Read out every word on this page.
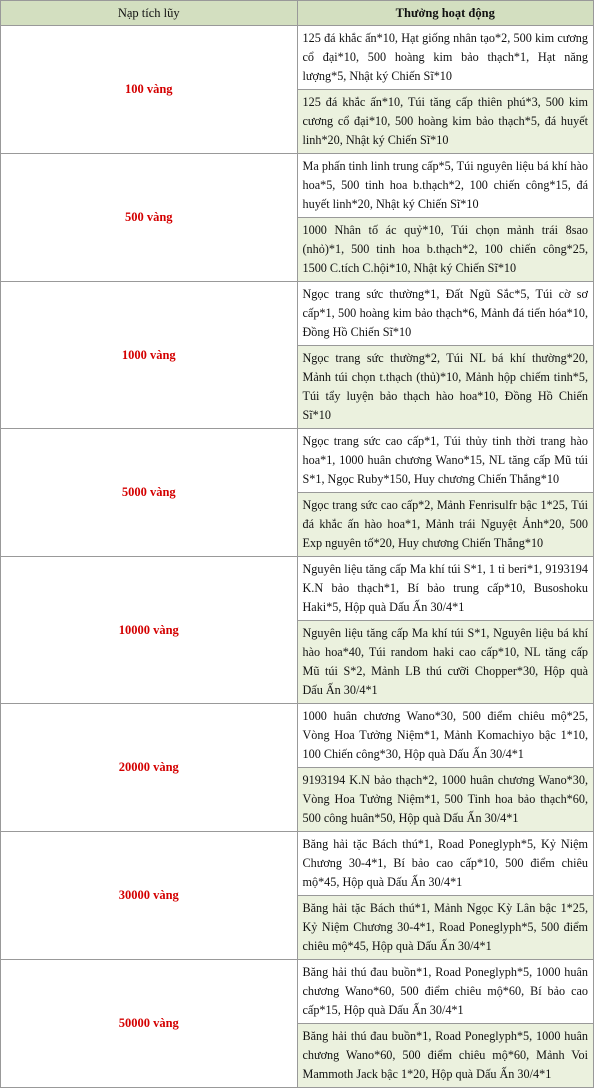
Nạp tích lũy	Thưởng hoạt động
100 vàng	125 đá khắc ấn*10, Hạt giống nhân tạo*2, 500 kim cương cổ đại*10, 500 hoàng kim bảo thạch*1, Hạt năng lượng*5, Nhật ký Chiến Sĩ*10
	125 đá khắc ấn*10, Túi tăng cấp thiên phú*3, 500 kim cương cổ đại*10, 500 hoàng kim bảo thạch*5, đá huyết linh*20, Nhật ký Chiến Sĩ*10
500 vàng	Ma phấn tinh linh trung cấp*5, Túi nguyên liệu bá khí hào hoa*5, 500 tinh hoa b.thạch*2, 100 chiến công*15, đá huyết linh*20, Nhật ký Chiến Sĩ*10
	1000 Nhân tố ác quỷ*10, Túi chọn mảnh trái 8sao (nhỏ)*1, 500 tinh hoa b.thạch*2, 100 chiến công*25, 1500 C.tích C.hội*10, Nhật ký Chiến Sĩ*10
1000 vàng	Ngọc trang sức thường*1, Đất Ngũ Sắc*5, Túi cờ sơ cấp*1, 500 hoàng kim bảo thạch*6, Mảnh đá tiến hóa*10, Đồng Hồ Chiến Sĩ*10
	Ngọc trang sức thường*2, Túi NL bá khí thường*20, Mảnh túi chọn t.thạch (thủ)*10, Mảnh hộp chiếm tinh*5, Túi tẩy luyện bảo thạch hào hoa*10, Đồng Hồ Chiến Sĩ*10
5000 vàng	Ngọc trang sức cao cấp*1, Túi thủy tinh thời trang hào hoa*1, 1000 huân chương Wano*15, NL tăng cấp Mũ túi S*1, Ngọc Ruby*150, Huy chương Chiến Thắng*10
	Ngọc trang sức cao cấp*2, Mảnh Fenrisulfr bậc 1*25, Túi đá khắc ấn hào hoa*1, Mảnh trái Nguyệt Ảnh*20, 500 Exp nguyên tố*20, Huy chương Chiến Thắng*10
10000 vàng	Nguyên liệu tăng cấp Ma khí túi S*1, 1 tỉ beri*1, 9193194 K.N bảo thạch*1, Bí bảo trung cấp*10, Busoshoku Haki*5, Hộp quà Dấu Ấn 30/4*1
	Nguyên liệu tăng cấp Ma khí túi S*1, Nguyên liệu bá khí hào hoa*40, Túi random haki cao cấp*10, NL tăng cấp Mũ túi S*2, Mảnh LB thú cưỡi Chopper*30, Hộp quà Dấu Ấn 30/4*1
20000 vàng	1000 huân chương Wano*30, 500 điểm chiêu mộ*25, Vòng Hoa Tưởng Niệm*1, Mảnh Komachiyo bậc 1*10, 100 Chiến công*30, Hộp quà Dấu Ấn 30/4*1
	9193194 K.N bảo thạch*2, 1000 huân chương Wano*30, Vòng Hoa Tưởng Niệm*1, 500 Tinh hoa bảo thạch*60, 500 công huân*50, Hộp quà Dấu Ấn 30/4*1
30000 vàng	Băng hải tặc Bách thú*1, Road Poneglyph*5, Kỷ Niệm Chương 30-4*1, Bí bảo cao cấp*10, 500 điểm chiêu mộ*45, Hộp quà Dấu Ấn 30/4*1
	Băng hải tặc Bách thú*1, Mảnh Ngọc Kỳ Lân bậc 1*25, Kỷ Niệm Chương 30-4*1, Road Poneglyph*5, 500 điểm chiêu mộ*45, Hộp quà Dấu Ấn 30/4*1
50000 vàng	Băng hải thú đau buồn*1, Road Poneglyph*5, 1000 huân chương Wano*60, 500 điểm chiêu mộ*60, Bí bảo cao cấp*15, Hộp quà Dấu Ấn 30/4*1
	Băng hải thú đau buồn*1, Road Poneglyph*5, 1000 huân chương Wano*60, 500 điểm chiêu mộ*60, Mảnh Voi Mammoth Jack bậc 1*20, Hộp quà Dấu Ấn 30/4*1
